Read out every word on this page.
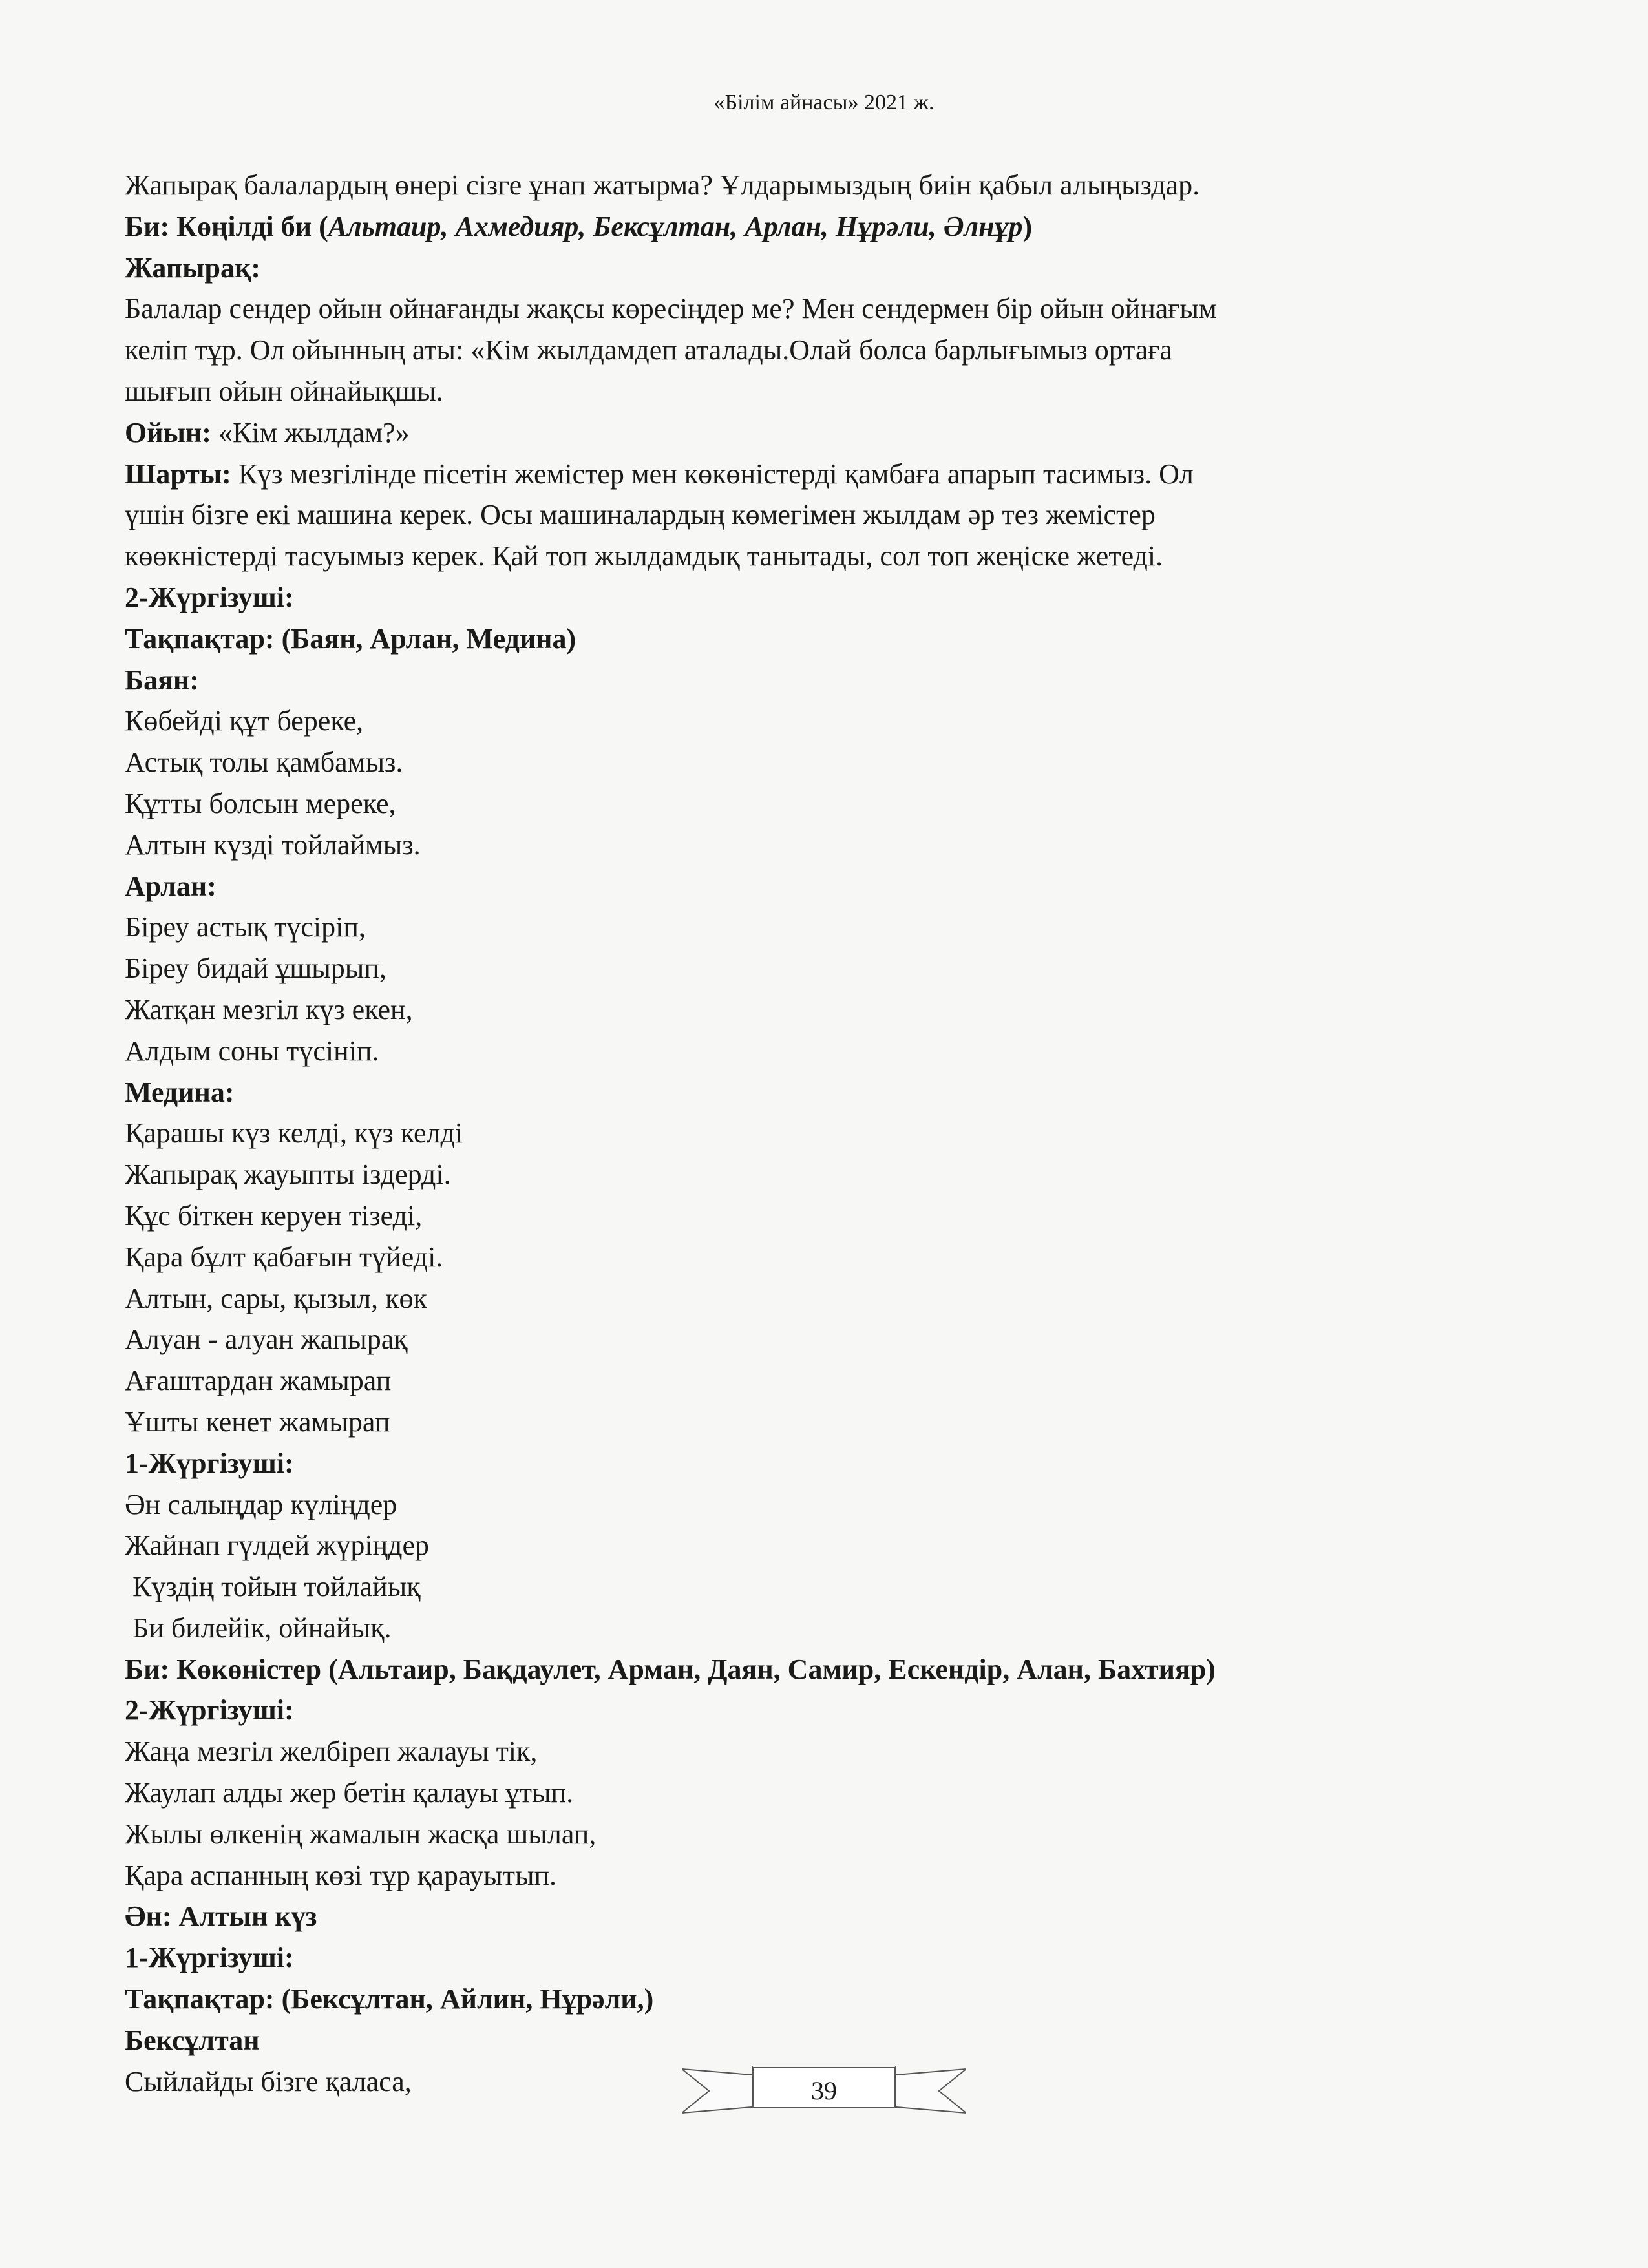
«Білім айнасы» 2021 ж.
Жапырақ балалардың өнері сізге ұнап жатырма? Ұлдарымыздың биін қабыл алыңыздар.
Би: Көңілді би (Альтаир, Ахмедияр, Бексұлтан, Арлан, Нұрәли, Әлнұр)
Жапырақ:
Балалар сендер ойын ойнағанды жақсы көресіңдер ме? Мен сендермен бір ойын ойнағым
келіп тұр. Ол ойынның аты: «Кім жылдамдеп аталады.Олай болса барлығымыз ортаға
шығып ойын ойнайықшы.
Ойын: «Кім жылдам?»
Шарты: Күз мезгілінде пісетін жемістер мен көкөністерді қамбаға апарып тасимыз. Ол
үшін бізге екі машина керек. Осы машиналардың көмегімен жылдам әр тез жемістер
көөкністерді тасуымыз керек. Қай топ жылдамдық танытады, сол топ жеңіске жетеді.
2-Жүргізуші:
Тақпақтар: (Баян, Арлан, Медина)
Баян:
Көбейді құт береке,
Астық толы қамбамыз.
Құтты болсын мереке,
Алтын күзді тойлаймыз.
Арлан:
Біреу астық түсіріп,
Біреу бидай ұшырып,
Жатқан мезгіл күз екен,
Алдым соны түсініп.
Медина:
Қарашы күз келді, күз келді
Жапырақ жауыпты іздерді.
Құс біткен керуен тізеді,
Қара бұлт қабағын түйеді.
Алтын, сары, қызыл, көк
Алуан - алуан жапырақ
Ағаштардан жамырап
Ұшты кенет жамырап
1-Жүргізуші:
Ән салыңдар күліңдер
Жайнап гүлдей жүріңдер
Күздің тойын тойлайық
Би билейік, ойнайық.
Би: Көкөністер (Альтаир, Бақдаулет, Арман, Даян, Самир, Ескендір, Алан, Бахтияр)
2-Жүргізуші:
Жаңа мезгіл желбіреп жалауы тік,
Жаулап алды жер бетін қалауы ұтып.
Жылы өлкенің жамалын жасқа шылап,
Қара аспанның көзі тұр қарауытып.
Ән: Алтын күз
1-Жүргізуші:
Тақпақтар: (Бексұлтан, Айлин, Нұрәли,)
Бексұлтан
Сыйлайды бізге қаласа,	39
